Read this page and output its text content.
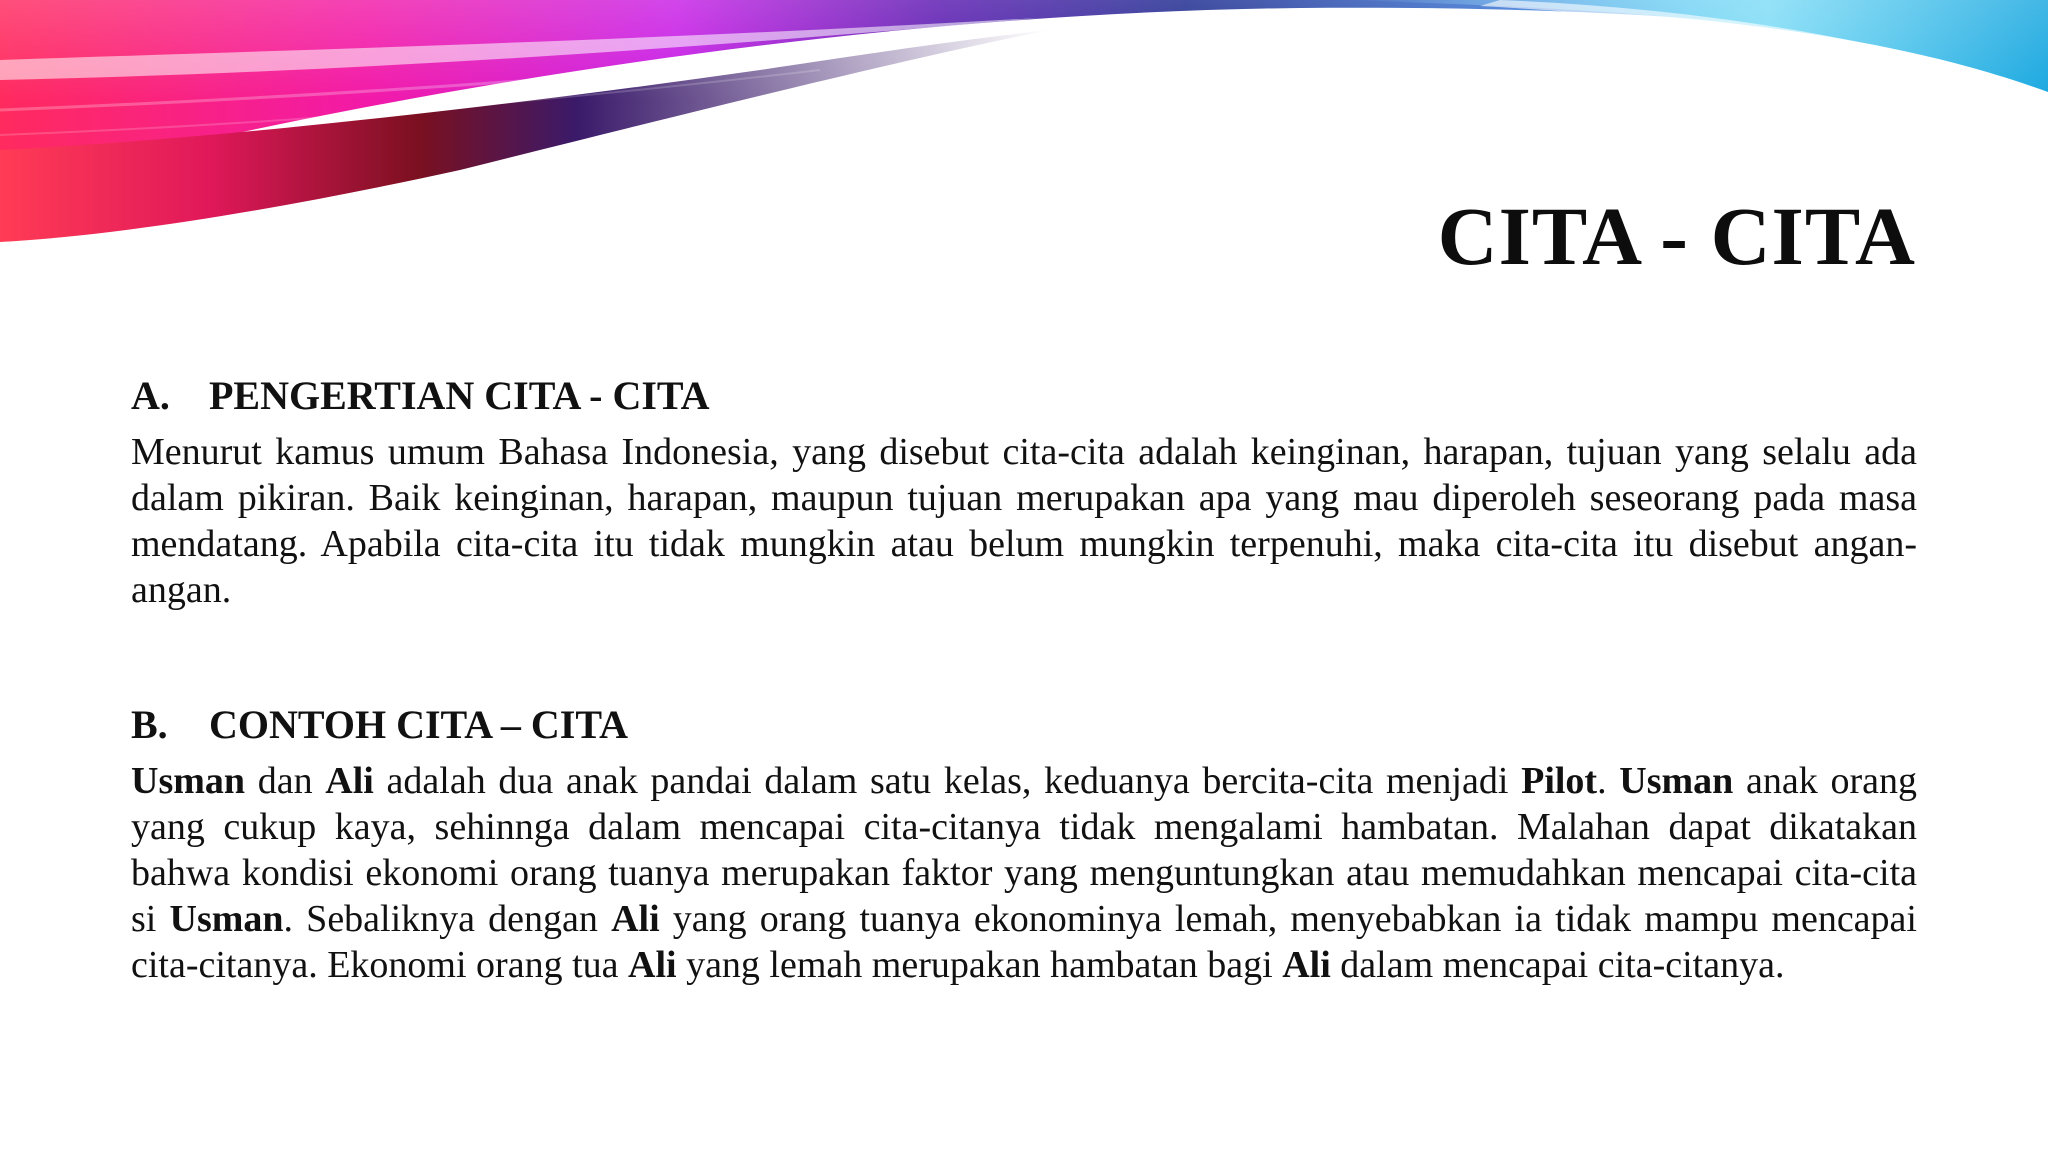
CITA - CITA
A. PENGERTIAN CITA - CITA

Menurut kamus umum Bahasa Indonesia, yang disebut cita-cita adalah keinginan, harapan, tujuan yang selalu ada dalam pikiran. Baik keinginan, harapan, maupun tujuan merupakan apa yang mau diperoleh seseorang pada masa mendatang. Apabila cita-cita itu tidak mungkin atau belum mungkin terpenuhi, maka cita-cita itu disebut angan-angan.

B.	CONTOH CITA – CITA

Usman dan Ali adalah dua anak pandai dalam satu kelas, keduanya bercita-cita menjadi Pilot. Usman anak orang yang cukup kaya, sehinnga dalam mencapai cita-citanya tidak mengalami hambatan. Malahan dapat dikatakan bahwa kondisi ekonomi orang tuanya merupakan faktor yang menguntungkan atau memudahkan mencapai cita-cita si Usman. Sebaliknya dengan Ali yang orang tuanya ekonominya lemah, menyebabkan ia tidak mampu mencapai cita-citanya. Ekonomi orang tua Ali yang lemah merupakan hambatan bagi Ali dalam mencapai cita-citanya.
